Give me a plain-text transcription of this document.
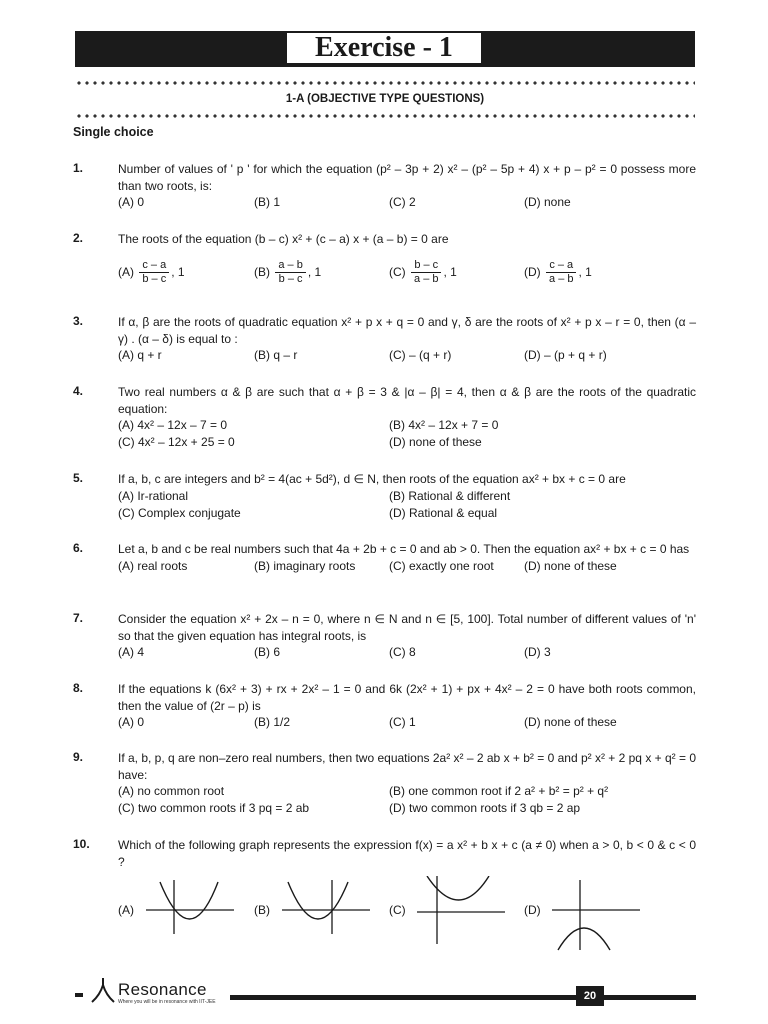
Exercise - 1
1-A (OBJECTIVE TYPE QUESTIONS)
Single choice
1.	Number of values of ' p ' for which the equation (p² – 3p + 2) x² – (p² – 5p + 4) x + p – p² = 0 possess more than two roots, is:
(A) 0	(B) 1	(C) 2	(D) none
2.	The roots of the equation (b – c) x² + (c – a) x + (a – b) = 0 are
$(A) \frac{c - a}{b - c}$ , 1	$(B) \frac{a - b}{b - c}$ , 1	$(C) \frac{b - c}{a - b}$ , 1	$(D) \frac{c - a}{a - b}$ , 1
3.	If α, β are the roots of quadratic equation x² + p x + q = 0 and γ, δ are the roots of x² + p x – r = 0, then (α – γ) . (α – δ) is equal to :
(A) q + r	(B) q – r	(C) – (q + r)	(D) – (p + q + r)
4.	Two real numbers α & β are such that α + β = 3 & |α – β| = 4, then α & β are the roots of the quadratic equation:
(A) 4x² – 12x – 7 = 0	(B) 4x² – 12x + 7 = 0
(C) 4x² – 12x + 25 = 0	(D) none of these
5.	If a, b, c are integers and b² = 4(ac + 5d²), d ∈ N, then roots of the equation ax² + bx + c = 0 are
(A) Ir-rational	(B) Rational & different
(C) Complex conjugate	(D) Rational & equal
6.	Let a, b and c be real numbers such that 4a + 2b + c = 0 and ab > 0. Then the equation ax² + bx + c = 0 has
(A) real roots	(B) imaginary roots	(C) exactly one root	(D) none of these
7.	Consider the equation x² + 2x – n = 0, where n ∈ N and n ∈ [5, 100]. Total number of different values of 'n' so that the given equation has integral roots, is
(A) 4	(B) 6	(C) 8	(D) 3
8.	If the equations k (6x² + 3) + rx + 2x² – 1 = 0 and 6k (2x² + 1) + px + 4x² – 2 = 0 have both roots common, then the value of (2r – p) is
(A) 0	(B) 1/2	(C) 1	(D) none of these
9.	If a, b, p, q are non–zero real numbers, then two equations 2a² x² – 2 ab x + b² = 0 and p² x² + 2 pq x + q² = 0 have:
(A) no common root	(B) one common root if 2 a² + b² = p² + q²
(C) two common roots if 3 pq = 2 ab	(D) two common roots if 3 qb = 2 ap
10. Which of the following graph represents the expression f(x) = a x² + b x + c (a ≠ 0) when a > 0, b < 0 & c < 0 ?
(A)	(B)	(C)	(D)
Resonance
Where you will be in resonance with IIT-JEE	20
